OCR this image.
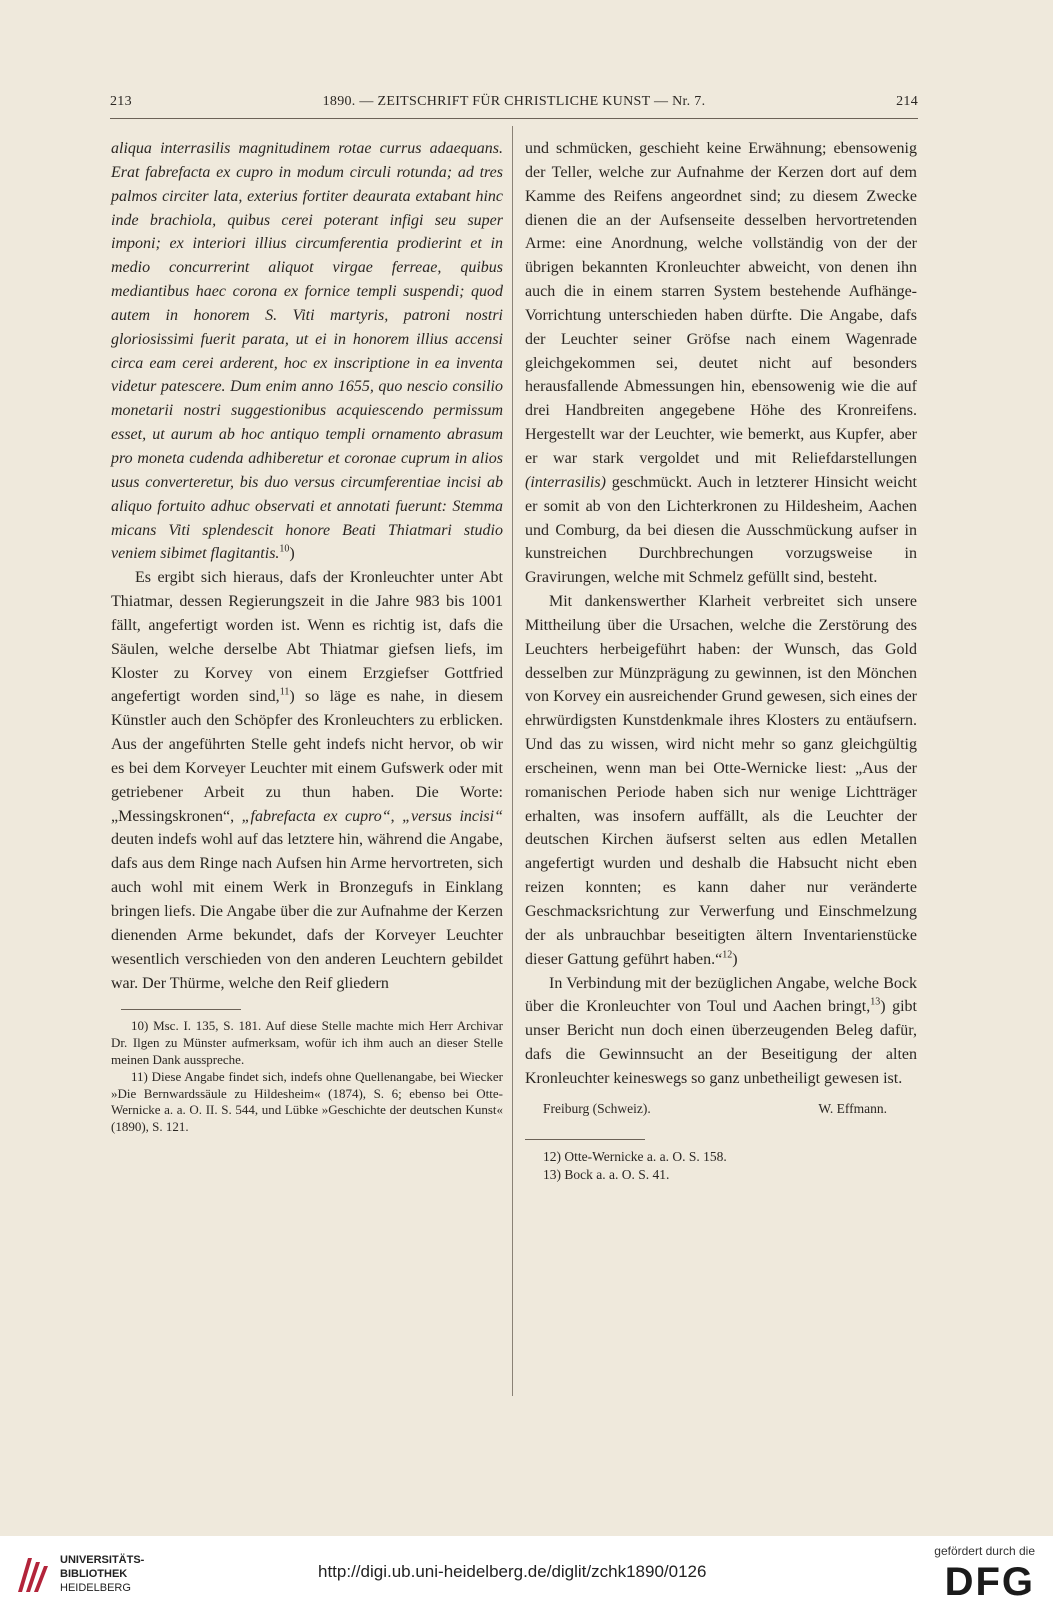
213	1890. — ZEITSCHRIFT FÜR CHRISTLICHE KUNST — Nr. 7.	214

aliqua interrasilis magnitudinem rotae currus adaequans. Erat fabrefacta ex cupro in modum circuli rotunda; ad tres palmos circiter lata, exterius fortiter deaurata extabant hinc inde brachiola, quibus cerei poterant infigi seu super imponi; ex interiori illius circumferentia prodierint et in medio concurrerint aliquot virgae ferreae, quibus mediantibus haec corona ex fornice templi suspendi; quod autem in honorem S. Viti martyris, patroni nostri gloriosissimi fuerit parata, ut ei in honorem illius accensi circa eam cerei arderent, hoc ex inscriptione in ea inventa videtur patescere. Dum enim anno 1655, quo nescio consilio monetarii nostri suggestionibus acquiescendo permissum esset, ut aurum ab hoc antiquo templi ornamento abrasum pro moneta cudenda adhiberetur et coronae cuprum in alios usus converteretur, bis duo versus circumferentiae incisi ab aliquo fortuito adhuc observati et annotati fuerunt: Stemma micans Viti splendescit honore Beati Thiatmari studio veniem sibimet flagitantis.$^{10}$)

Es ergibt sich hieraus, dafs der Kronleuchter unter Abt Thiatmar, dessen Regierungszeit in die Jahre 983 bis 1001 fällt, angefertigt worden ist. Wenn es richtig ist, dafs die Säulen, welche derselbe Abt Thiatmar giefsen liefs, im Kloster zu Korvey von einem Erzgiefser Gottfried angefertigt worden sind,$^{11}$) so läge es nahe, in diesem Künstler auch den Schöpfer des Kronleuchters zu erblicken. Aus der angeführten Stelle geht indefs nicht hervor, ob wir es bei dem Korveyer Leuchter mit einem Gufswerk oder mit getriebener Arbeit zu thun haben. Die Worte: „Messingskronen“, „fabrefacta ex cupro“, „versus incisi“ deuten indefs wohl auf das letztere hin, während die Angabe, dafs aus dem Ringe nach Aufsen hin Arme hervortreten, sich auch wohl mit einem Werk in Bronzegufs in Einklang bringen liefs. Die Angabe über die zur Aufnahme der Kerzen dienenden Arme bekundet, dafs der Korveyer Leuchter wesentlich verschieden von den anderen Leuchtern gebildet war. Der Thürme, welche den Reif gliedern

10) Msc. I. 135, S. 181. Auf diese Stelle machte mich Herr Archivar Dr. Ilgen zu Münster aufmerksam, wofür ich ihm auch an dieser Stelle meinen Dank ausspreche.

11) Diese Angabe findet sich, indefs ohne Quellenangabe, bei Wiecker »Die Bernwardssäule zu Hildesheim« (1874), S. 6; ebenso bei Otte-Wernicke a. a. O. II. S. 544, und Lübke »Geschichte der deutschen Kunst« (1890), S. 121.

und schmücken, geschieht keine Erwähnung; ebensowenig der Teller, welche zur Aufnahme der Kerzen dort auf dem Kamme des Reifens angeordnet sind; zu diesem Zwecke dienen die an der Aufsenseite desselben hervortretenden Arme: eine Anordnung, welche vollständig von der der übrigen bekannten Kronleuchter abweicht, von denen ihn auch die in einem starren System bestehende Aufhänge-Vorrichtung unterschieden haben dürfte. Die Angabe, dafs der Leuchter seiner Gröfse nach einem Wagenrade gleichgekommen sei, deutet nicht auf besonders herausfallende Abmessungen hin, ebensowenig wie die auf drei Handbreiten angegebene Höhe des Kronreifens. Hergestellt war der Leuchter, wie bemerkt, aus Kupfer, aber er war stark vergoldet und mit Reliefdarstellungen (interrasilis) geschmückt. Auch in letzterer Hinsicht weicht er somit ab von den Lichterkronen zu Hildesheim, Aachen und Comburg, da bei diesen die Ausschmückung aufser in kunstreichen Durchbrechungen vorzugsweise in Gravirungen, welche mit Schmelz gefüllt sind, besteht.

Mit dankenswerther Klarheit verbreitet sich unsere Mittheilung über die Ursachen, welche die Zerstörung des Leuchters herbeigeführt haben: der Wunsch, das Gold desselben zur Münzprägung zu gewinnen, ist den Mönchen von Korvey ein ausreichender Grund gewesen, sich eines der ehrwürdigsten Kunstdenkmale ihres Klosters zu entäufsern. Und das zu wissen, wird nicht mehr so ganz gleichgültig erscheinen, wenn man bei Otte-Wernicke liest: „Aus der romanischen Periode haben sich nur wenige Lichtträger erhalten, was insofern auffällt, als die Leuchter der deutschen Kirchen äufserst selten aus edlen Metallen angefertigt wurden und deshalb die Habsucht nicht eben reizen konnten; es kann daher nur veränderte Geschmacksrichtung zur Verwerfung und Einschmelzung der als unbrauchbar beseitigten ältern Inventarienstücke dieser Gattung geführt haben.“$^{12}$)

In Verbindung mit der bezüglichen Angabe, welche Bock über die Kronleuchter von Toul und Aachen bringt,$^{13}$) gibt unser Bericht nun doch einen überzeugenden Beleg dafür, dafs die Gewinnsucht an der Beseitigung der alten Kronleuchter keineswegs so ganz unbetheiligt gewesen ist.

Freiburg (Schweiz).	W. Effmann.

12) Otte-Wernicke a. a. O. S. 158.

13) Bock a. a. O. S. 41.

UNIVERSITÄTS-
BIBLIOTHEK
HEIDELBERG
http://digi.ub.uni-heidelberg.de/diglit/zchk1890/0126
gefördert durch die
DFG
